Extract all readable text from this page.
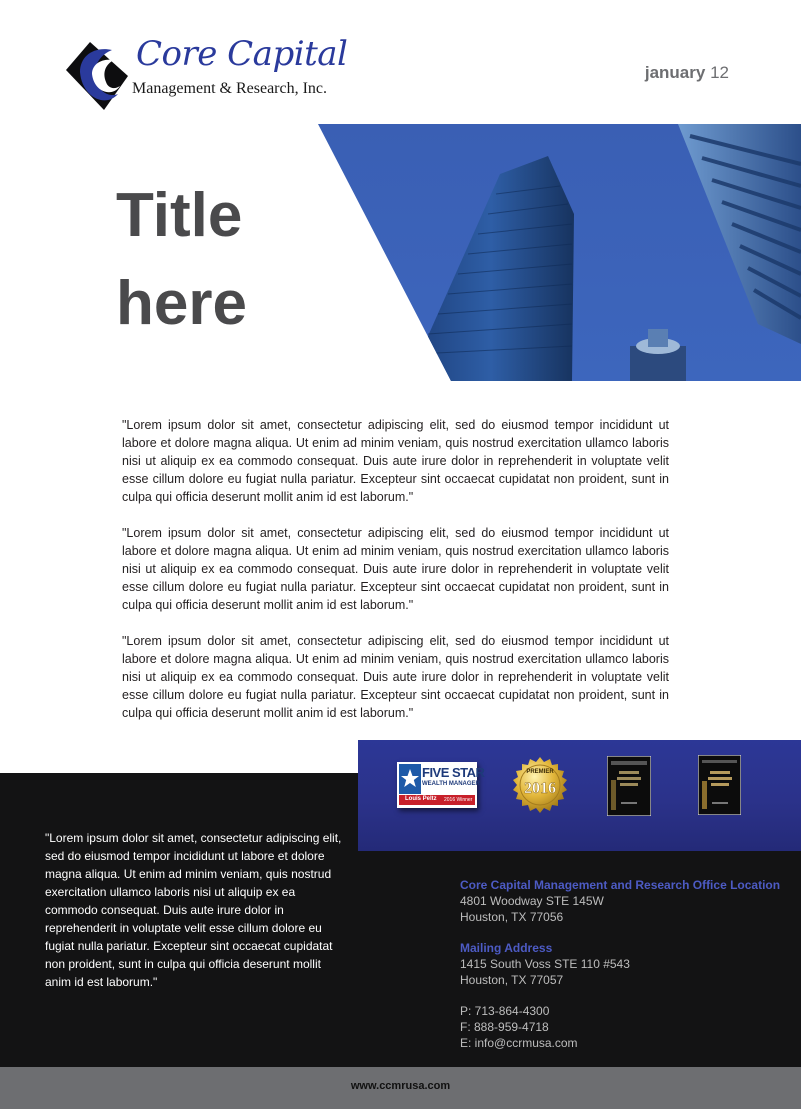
Core Capital
Management & Research, Inc.
january 12
Title
here

"Lorem ipsum dolor sit amet, consectetur adipiscing elit, sed do eiusmod tempor incididunt ut labore et dolore magna aliqua. Ut enim ad minim veniam, quis nostrud exercitation ullamco laboris nisi ut aliquip ex ea commodo consequat. Duis aute irure dolor in reprehenderit in voluptate velit esse cillum dolore eu fugiat nulla pariatur. Excepteur sint occaecat cupidatat non proident, sunt in culpa qui officia deserunt mollit anim id est laborum."

"Lorem ipsum dolor sit amet, consectetur adipiscing elit, sed do eiusmod tempor incididunt ut labore et dolore magna aliqua. Ut enim ad minim veniam, quis nostrud exercitation ullamco laboris nisi ut aliquip ex ea commodo consequat. Duis aute irure dolor in reprehenderit in voluptate velit esse cillum dolore eu fugiat nulla pariatur. Excepteur sint occaecat cupidatat non proident, sunt in culpa qui officia deserunt mollit anim id est laborum."

"Lorem ipsum dolor sit amet, consectetur adipiscing elit, sed do eiusmod tempor incididunt ut labore et dolore magna aliqua. Ut enim ad minim veniam, quis nostrud exercitation ullamco laboris nisi ut aliquip ex ea commodo consequat. Duis aute irure dolor in reprehenderit in voluptate velit esse cillum dolore eu fugiat nulla pariatur. Excepteur sint occaecat cupidatat non proident, sunt in culpa qui officia deserunt mollit anim id est laborum."

FIVE STAR
WEALTH MANAGER
Louis Peltz 2016 Winner
PREMIER
2016
"Lorem ipsum dolor sit amet, consectetur adipiscing elit, sed do eiusmod tempor incididunt ut labore et dolore magna aliqua. Ut enim ad minim veniam, quis nostrud exercitation ullamco laboris nisi ut aliquip ex ea commodo consequat. Duis aute irure dolor in reprehenderit in voluptate velit esse cillum dolore eu fugiat nulla pariatur. Excepteur sint occaecat cupidatat non proident, sunt in culpa qui officia deserunt mollit anim id est laborum."
Core Capital Management and Research Office Location
4801 Woodway STE 145W
Houston, TX 77056
Mailing Address
1415 South Voss STE 110 #543
Houston, TX 77057
P: 713-864-4300
F: 888-959-4718
E: info@ccrmusa.com
www.ccmrusa.com
